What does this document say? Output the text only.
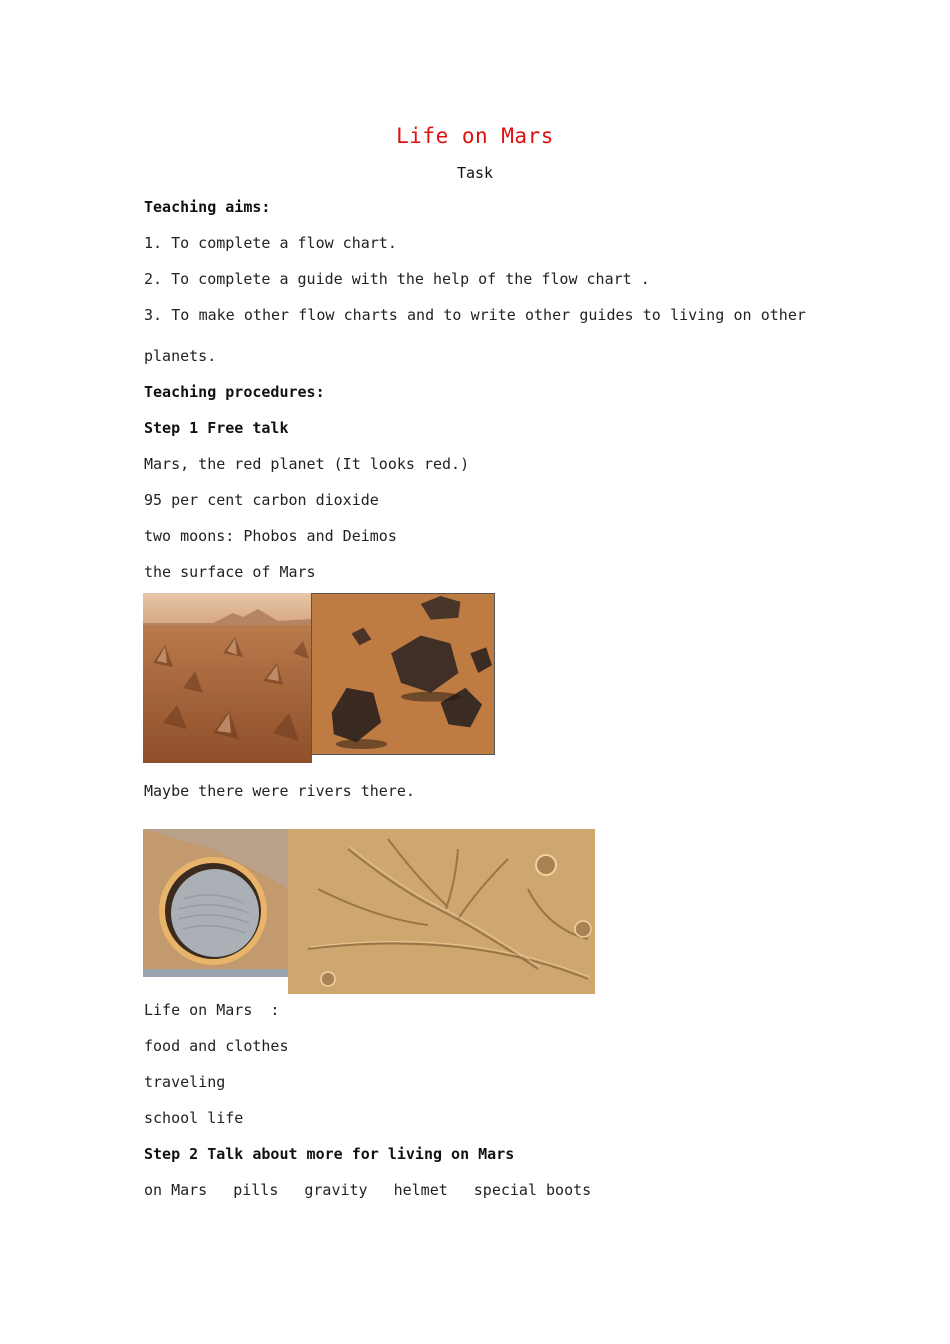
Life on Mars
Task
Teaching aims:
1. To complete a flow chart.
2. To complete a guide with the help of the flow chart .
3. To make other flow charts and to write other guides to living on other
planets.
Teaching procedures:
Step 1 Free talk
Mars, the red planet (It looks red.)
95 per cent carbon dioxide
two moons: Phobos and Deimos
the surface of Mars
Maybe there were rivers there.
Life on Mars  :
food and clothes
traveling
school life
Step 2 Talk about more for living on Mars
on Mars pills gravity helmet special boots
